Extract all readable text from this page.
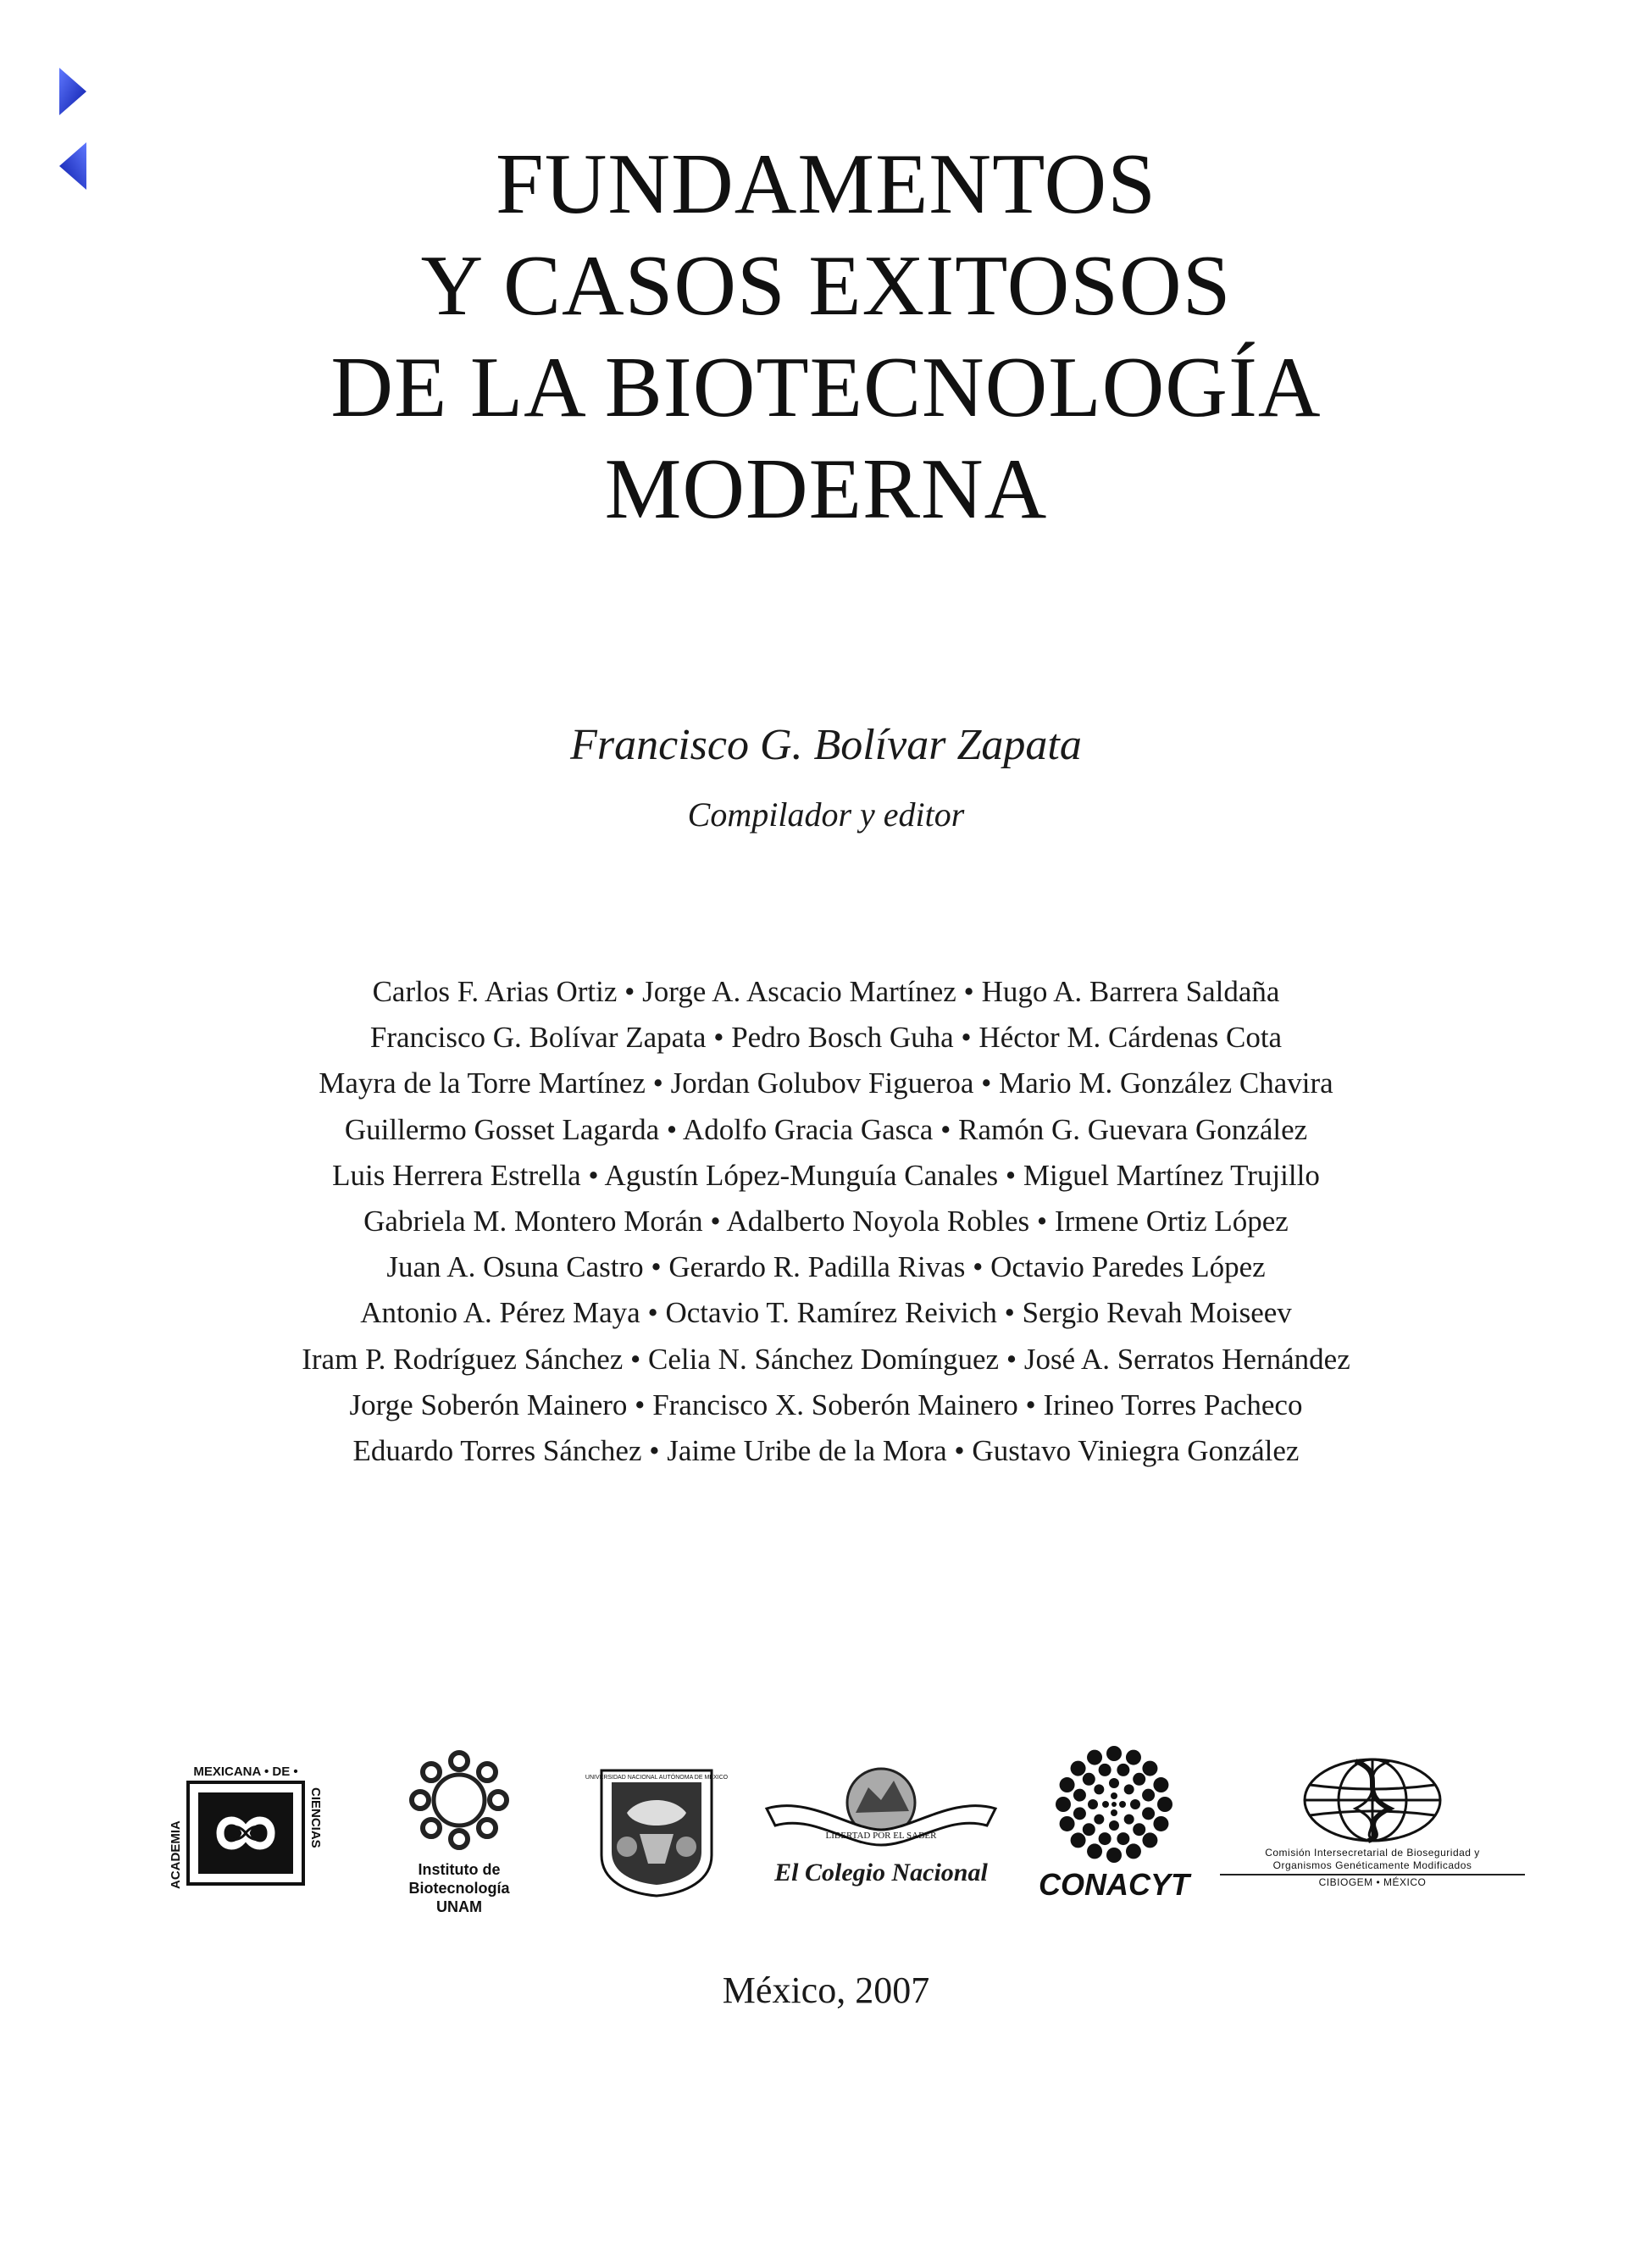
FUNDAMENTOS
Y CASOS EXITOSOS
DE LA BIOTECNOLOGÍA
MODERNA
Francisco G. Bolívar Zapata
Compilador y editor
Carlos F. Arias Ortiz • Jorge A. Ascacio Martínez • Hugo A. Barrera Saldaña
Francisco G. Bolívar Zapata • Pedro Bosch Guha • Héctor M. Cárdenas Cota
Mayra de la Torre Martínez • Jordan Golubov Figueroa • Mario M. González Chavira
Guillermo Gosset Lagarda • Adolfo Gracia Gasca • Ramón G. Guevara González
Luis Herrera Estrella • Agustín López-Munguía Canales • Miguel Martínez Trujillo
Gabriela M. Montero Morán • Adalberto Noyola Robles • Irmene Ortiz López
Juan A. Osuna Castro • Gerardo R. Padilla Rivas • Octavio Paredes López
Antonio A. Pérez Maya • Octavio T. Ramírez Reivich • Sergio Revah Moiseev
Iram P. Rodríguez Sánchez • Celia N. Sánchez Domínguez • José A. Serratos Hernández
Jorge Soberón Mainero • Francisco X. Soberón Mainero • Irineo Torres Pacheco
Eduardo Torres Sánchez • Jaime Uribe de la Mora • Gustavo Viniegra González
MEXICANA • DE •
ACADEMIA
CIENCIAS
Instituto de Biotecnología
UNAM
UNIVERSIDAD NACIONAL AUTÓNOMA DE MÉXICO
LIBERTAD POR EL SABER
El Colegio Nacional	CONACYT
Comisión Intersecretarial de Bioseguridad y
Organismos Genéticamente Modificados
CIBIOGEM • MÉXICO
México, 2007
